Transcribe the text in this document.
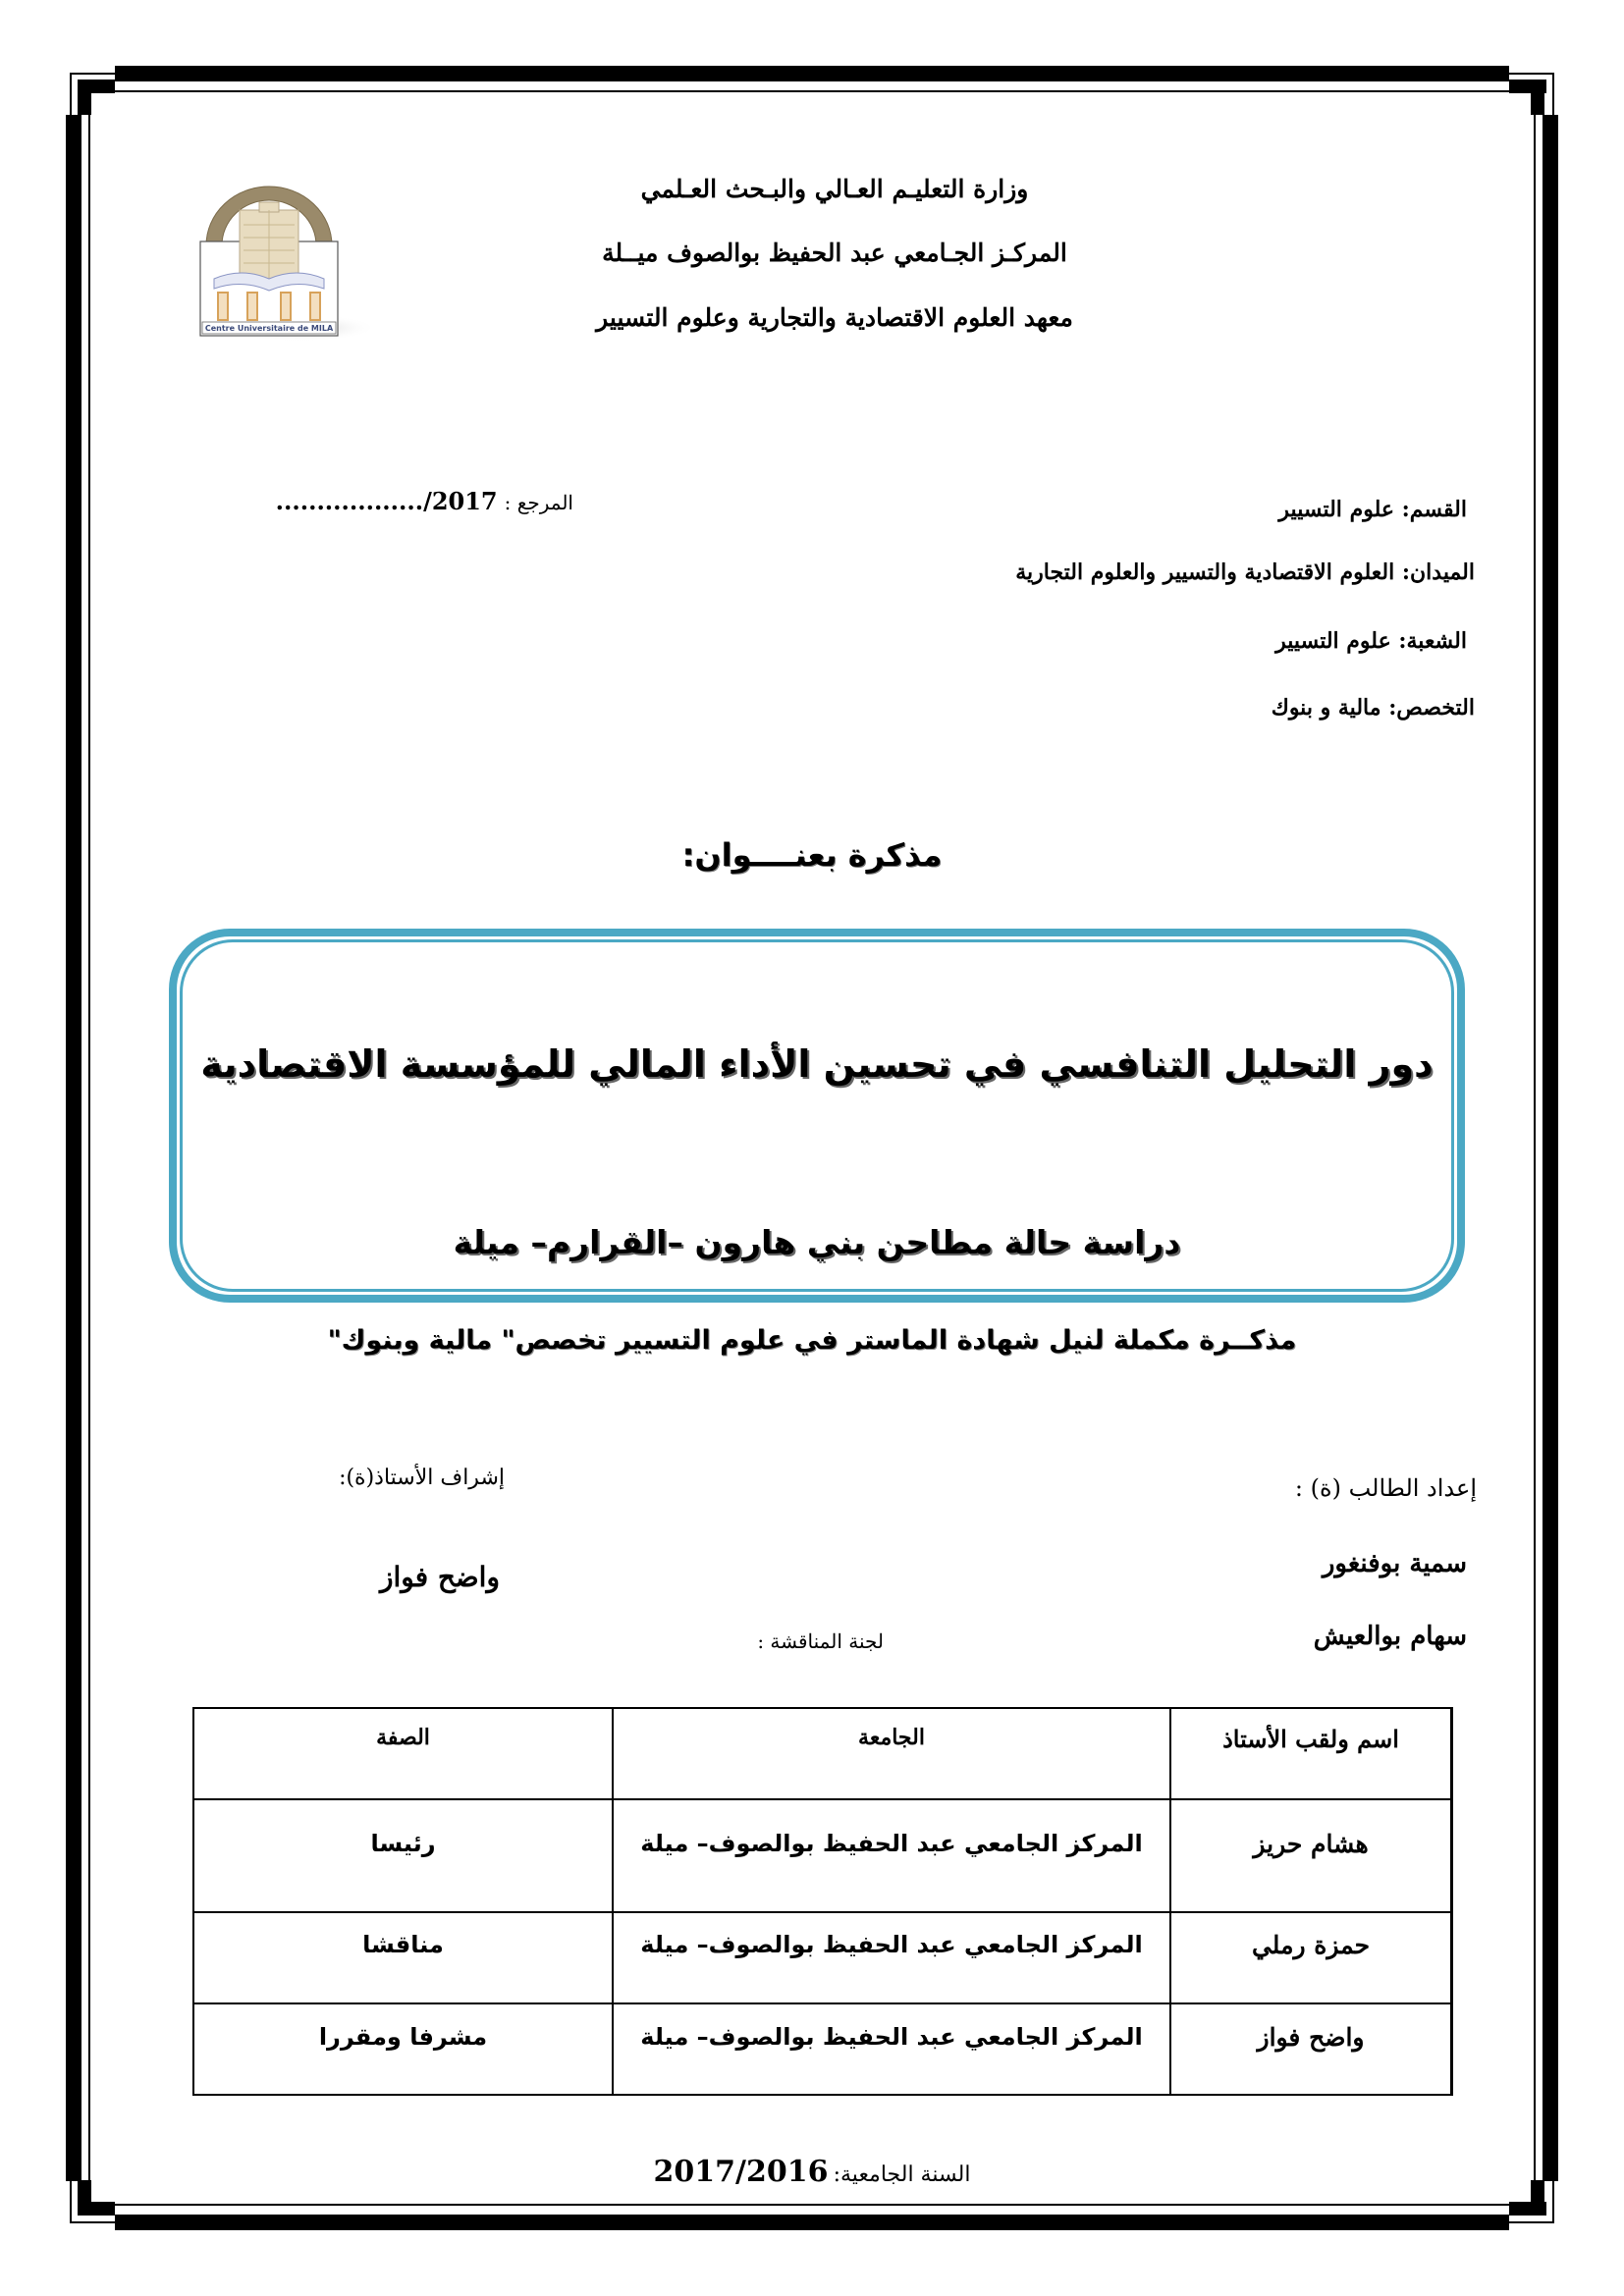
Centre Universitaire de MILA
وزارة التعليـم العـالي والبـحث العـلمي
المركـز الجـامعي عبد الحفيظ بوالصوف ميــلة
معهد العلوم الاقتصادية والتجارية وعلوم التسيير
المرجع : ................../2017	القسم: علوم التسيير
الميدان: العلوم الاقتصادية والتسيير والعلوم التجارية
الشعبة: علوم التسيير
التخصص: مالية و بنوك
مذكرة بعنــــوان:
دور التحليل التنافسي في تحسين الأداء المالي للمؤسسة الاقتصادية
دراسة حالة مطاحن بني هارون –القرارم– ميلة
مذكــرة مكملة لنيل شهادة الماستر في علوم التسيير تخصص" مالية وبنوك"
إعداد الطالب (ة) :
سمية بوفنغور
سهام بوالعيش
إشراف الأستاذ(ة):
واضح فواز
لجنة المناقشة :
اسم ولقب الأستاذ
الجامعة
الصفة
هشام حريز
المركز الجامعي عبد الحفيظ بوالصوف– ميلة
رئيسا
حمزة رملي
المركز الجامعي عبد الحفيظ بوالصوف– ميلة
مناقشا
واضح فواز
المركز الجامعي عبد الحفيظ بوالصوف– ميلة
مشرفا ومقررا
السنة الجامعية: 2017/2016
